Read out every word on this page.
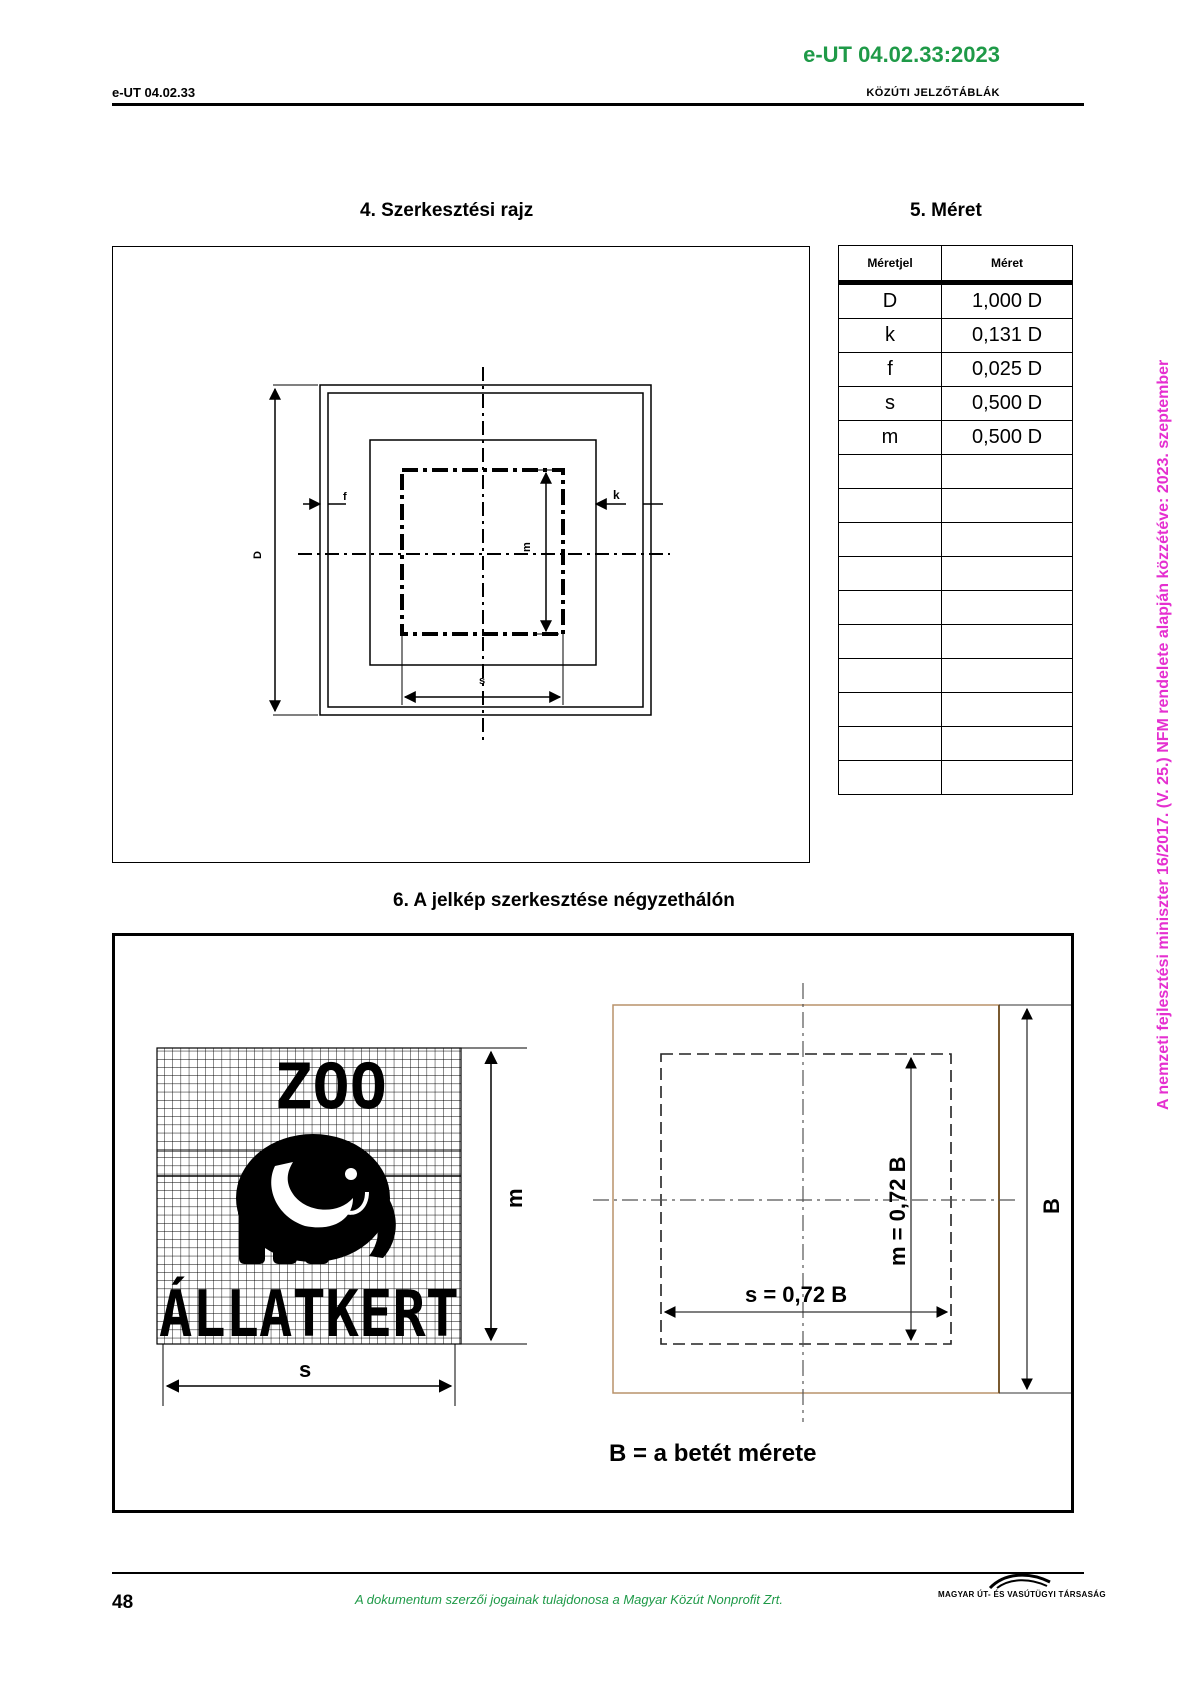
e-UT 04.02.33:2023
e-UT 04.02.33	KÖZÚTI JELZŐTÁBLÁK
A nemzeti fejlesztési miniszter 16/2017. (V. 25.) NFM rendelete alapján közzétéve: 2023. szeptember
4. Szerkesztési rajz	5. Méret
D
f	k
m
s
Méretjel	Méret
D	1,000 D
k	0,131 D
f	0,025 D
s	0,500 D
m	0,500 D

6. A jelkép szerkesztése négyzethálón
ZOO
ÁLLATKERT
m
s
m = 0,72 B
s = 0,72 B
B
B = a betét mérete
48	A dokumentum szerzői jogainak tulajdonosa a Magyar Közút Nonprofit Zrt.	MAGYAR ÚT- ÉS VASÚTÜGYI TÁRSASÁG
